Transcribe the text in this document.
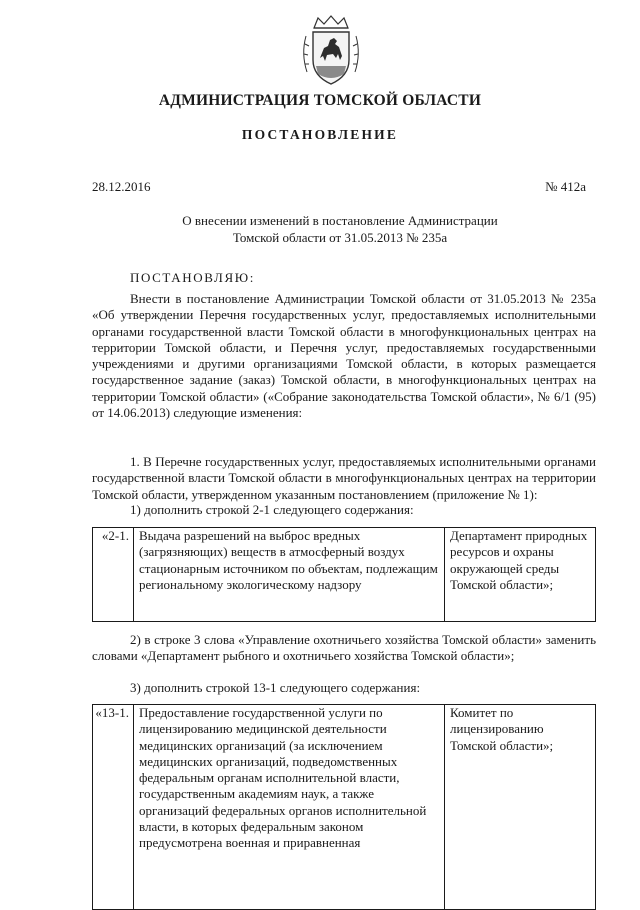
АДМИНИСТРАЦИЯ ТОМСКОЙ ОБЛАСТИ
ПОСТАНОВЛЕНИЕ
28.12.2016	№ 412а
О внесении изменений в постановление Администрации
Томской области от 31.05.2013 № 235а
ПОСТАНОВЛЯЮ:
Внести в постановление Администрации Томской области от 31.05.2013 № 235а «Об утверждении Перечня государственных услуг, предоставляемых исполнительными органами государственной власти Томской области в многофункциональных центрах на территории Томской области, и Перечня услуг, предоставляемых государственными учреждениями и другими организациями Томской области, в которых размещается государственное задание (заказ) Томской области, в многофункциональных центрах на территории Томской области» («Собрание законодательства Томской области», № 6/1 (95) от 14.06.2013) следующие изменения:
1. В Перечне государственных услуг, предоставляемых исполнительными органами государственной власти Томской области в многофункциональных центрах на территории Томской области, утвержденном указанным постановлением (приложение № 1):
1) дополнить строкой 2-1 следующего содержания:
«2-1.	Выдача разрешений на выброс вредных (загрязняющих) веществ в атмосферный воздух стационарным источником по объектам, подлежащим региональному экологическому надзору	Департамент природных ресурсов и охраны окружающей среды Томской области»;
2) в строке 3 слова «Управление охотничьего хозяйства Томской области» заменить словами «Департамент рыбного и охотничьего хозяйства Томской области»;
3) дополнить строкой 13-1 следующего содержания:
«13-1.	Предоставление государственной услуги по лицензированию медицинской деятельности медицинских организаций (за исключением медицинских организаций, подведомственных федеральным органам исполнительной власти, государственным академиям наук, а также организаций федеральных органов исполнительной власти, в которых федеральным законом предусмотрена военная и приравненная	Комитет по лицензированию Томской области»;
